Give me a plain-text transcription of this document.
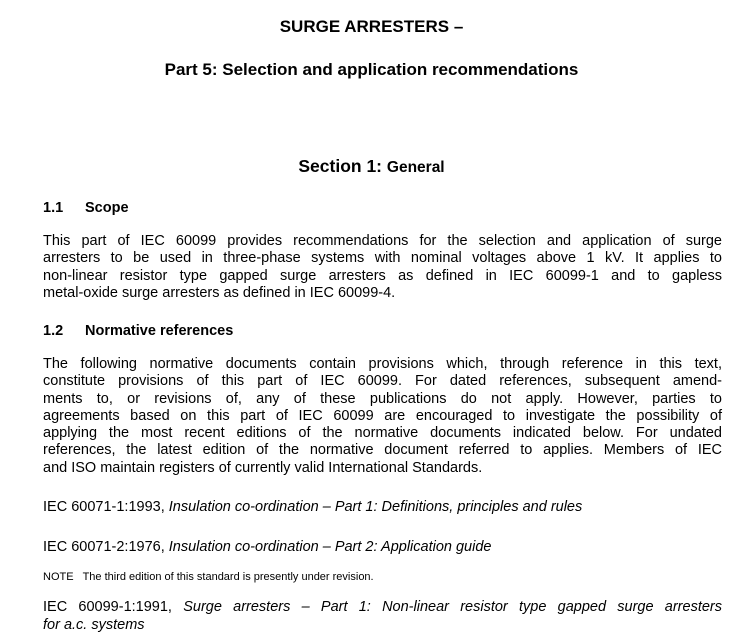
SURGE ARRESTERS –
Part 5: Selection and application recommendations
Section 1: General
1.1 Scope
This part of IEC 60099 provides recommendations for the selection and application of surge
arresters to be used in three-phase systems with nominal voltages above 1 kV. It applies to
non-linear resistor type gapped surge arresters as defined in IEC 60099-1 and to gapless
metal-oxide surge arresters as defined in IEC 60099-4.
1.2 Normative references
The following normative documents contain provisions which, through reference in this text,
constitute provisions of this part of IEC 60099. For dated references, subsequent amend-
ments to, or revisions of, any of these publications do not apply. However, parties to
agreements based on this part of IEC 60099 are encouraged to investigate the possibility of
applying the most recent editions of the normative documents indicated below. For undated
references, the latest edition of the normative document referred to applies. Members of IEC
and ISO maintain registers of currently valid International Standards.
IEC 60071-1:1993, Insulation co-ordination – Part 1: Definitions, principles and rules
IEC 60071-2:1976, Insulation co-ordination – Part 2: Application guide
NOTE The third edition of this standard is presently under revision.
IEC 60099-1:1991, Surge arresters – Part 1: Non-linear resistor type gapped surge arresters
for a.c. systems
